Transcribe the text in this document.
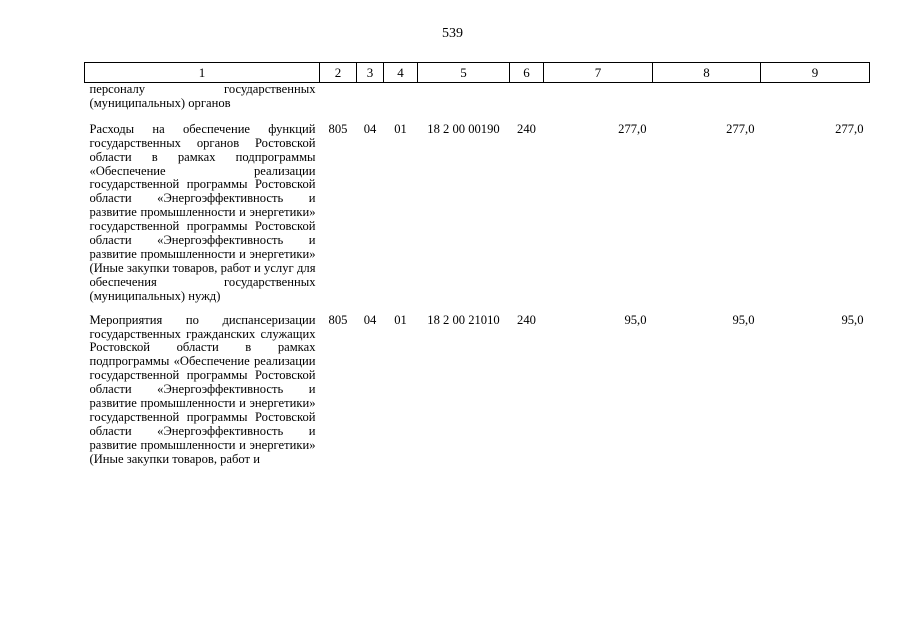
539
1	2	3	4	5	6	7	8	9
персоналу государственных (муниципальных) органов								
Расходы на обеспечение функций государственных органов Ростовской области в рамках подпрограммы «Обеспечение реализации государственной программы Ростовской области «Энергоэффективность и развитие промышленности и энергетики» государственной программы Ростовской области «Энергоэффективность и развитие промышленности и энергетики» (Иные закупки товаров, работ и услуг для обеспечения государственных (муниципальных) нужд)	805	04	01	18 2 00 00190	240	277,0	277,0	277,0
Мероприятия по диспансеризации государственных гражданских служащих Ростовской области в рамках подпрограммы «Обеспечение реализации государственной программы Ростовской области «Энергоэффективность и развитие промышленности и энергетики» государственной программы Ростовской области «Энергоэффективность и развитие промышленности и энергетики» (Иные закупки товаров, работ и	805	04	01	18 2 00 21010	240	95,0	95,0	95,0
